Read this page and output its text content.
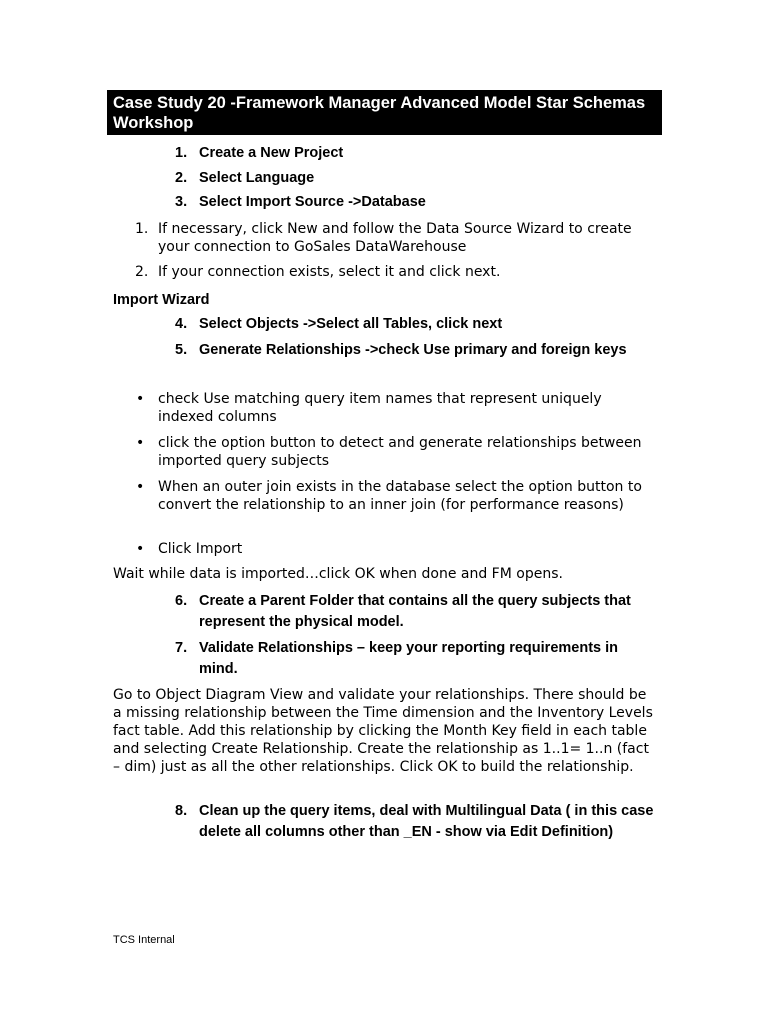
Case Study 20 -Framework Manager Advanced Model Star Schemas Workshop
1. Create a New Project
2. Select Language
3. Select Import Source ->Database
1. If necessary, click New and follow the Data Source Wizard to create your connection to GoSales DataWarehouse
2. If your connection exists, select it and click next.
Import Wizard
4. Select Objects ->Select all Tables, click next
5. Generate Relationships ->check Use primary and foreign keys
• check Use matching query item names that represent uniquely indexed columns
• click the option button to detect and generate relationships between imported query subjects
• When an outer join exists in the database select the option button to convert the relationship to an inner join (for performance reasons)
• Click Import
Wait while data is imported…click OK when done and FM opens.
6. Create a Parent Folder that contains all the query subjects that represent the physical model.
7. Validate Relationships – keep your reporting requirements in mind.
Go to Object Diagram View and validate your relationships. There should be a missing relationship between the Time dimension and the Inventory Levels fact table. Add this relationship by clicking the Month Key field in each table and selecting Create Relationship. Create the relationship as 1..1= 1..n (fact – dim) just as all the other relationships. Click OK to build the relationship.
8. Clean up the query items, deal with Multilingual Data ( in this case delete all columns other than _EN - show via Edit Definition)
TCS Internal
